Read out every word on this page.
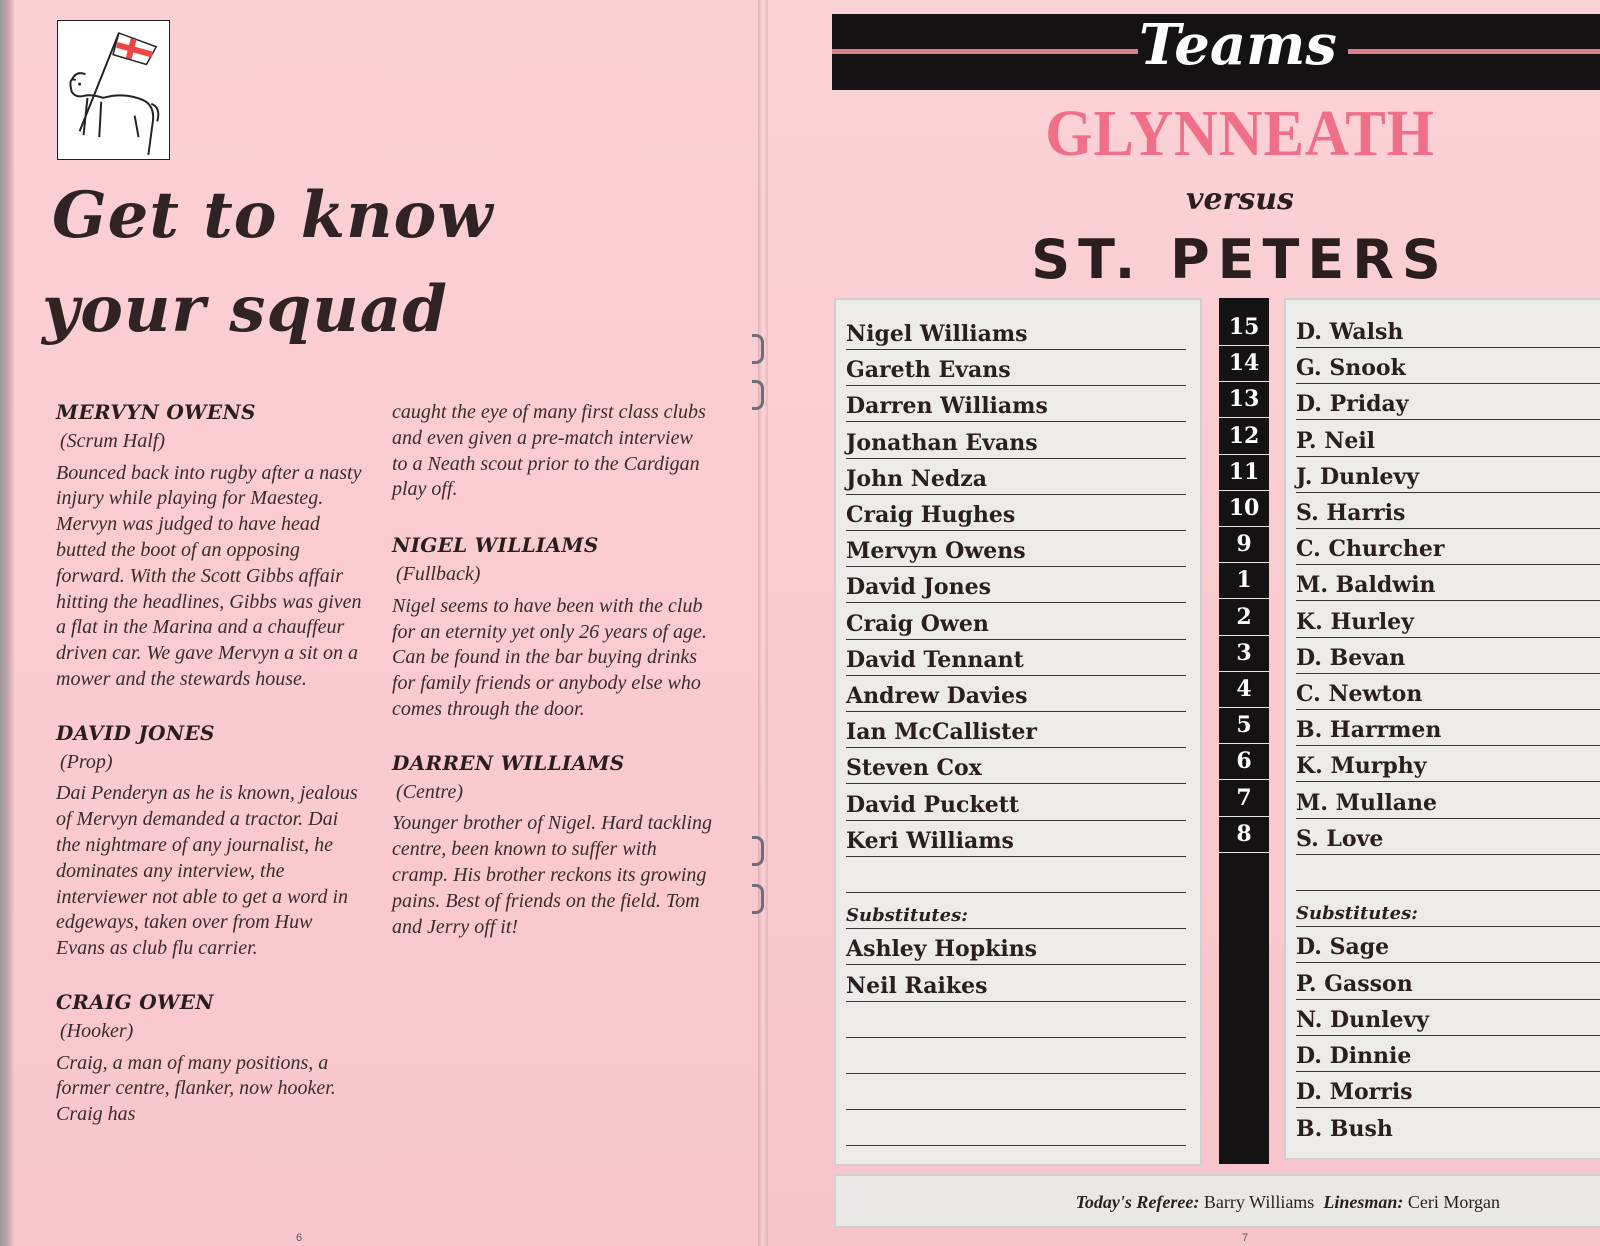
Get to know
your squad
MERVYN OWENS
(Scrum Half)
Bounced back into rugby after a nasty injury while playing for Maesteg. Mervyn was judged to have head butted the boot of an opposing forward. With the Scott Gibbs affair hitting the headlines, Gibbs was given a flat in the Marina and a chauffeur driven car. We gave Mervyn a sit on a mower and the stewards house.
DAVID JONES
(Prop)
Dai Penderyn as he is known, jealous of Mervyn demanded a tractor. Dai the nightmare of any journalist, he dominates any interview, the interviewer not able to get a word in edgeways, taken over from Huw Evans as club flu carrier.
CRAIG OWEN
(Hooker)
Craig, a man of many positions, a former centre, flanker, now hooker. Craig has
caught the eye of many first class clubs and even given a pre-match interview to a Neath scout prior to the Cardigan play off.
NIGEL WILLIAMS
(Fullback)
Nigel seems to have been with the club for an eternity yet only 26 years of age. Can be found in the bar buying drinks for family friends or anybody else who comes through the door.
DARREN WILLIAMS
(Centre)
Younger brother of Nigel. Hard tackling centre, been known to suffer with cramp. His brother reckons its growing pains. Best of friends on the field. Tom and Jerry off it!
6
Teams
GLYNNEATH
versus
ST. PETERS
Nigel Williams
Gareth Evans
Darren Williams
Jonathan Evans
John Nedza
Craig Hughes
Mervyn Owens
David Jones
Craig Owen
David Tennant
Andrew Davies
Ian McCallister
Steven Cox
David Puckett
Keri Williams
Substitutes:
Ashley Hopkins
Neil Raikes
D. Walsh
G. Snook
D. Priday
P. Neil
J. Dunlevy
S. Harris
C. Churcher
M. Baldwin
K. Hurley
D. Bevan
C. Newton
B. Harrmen
K. Murphy
M. Mullane
S. Love
Substitutes:
D. Sage
P. Gasson
N. Dunlevy
D. Dinnie
D. Morris
B. Bush
15
14
13
12
11
10
9
1
2
3
4
5
6
7
8
Today's Referee: Barry Williams Linesman: Ceri Morgan
7
